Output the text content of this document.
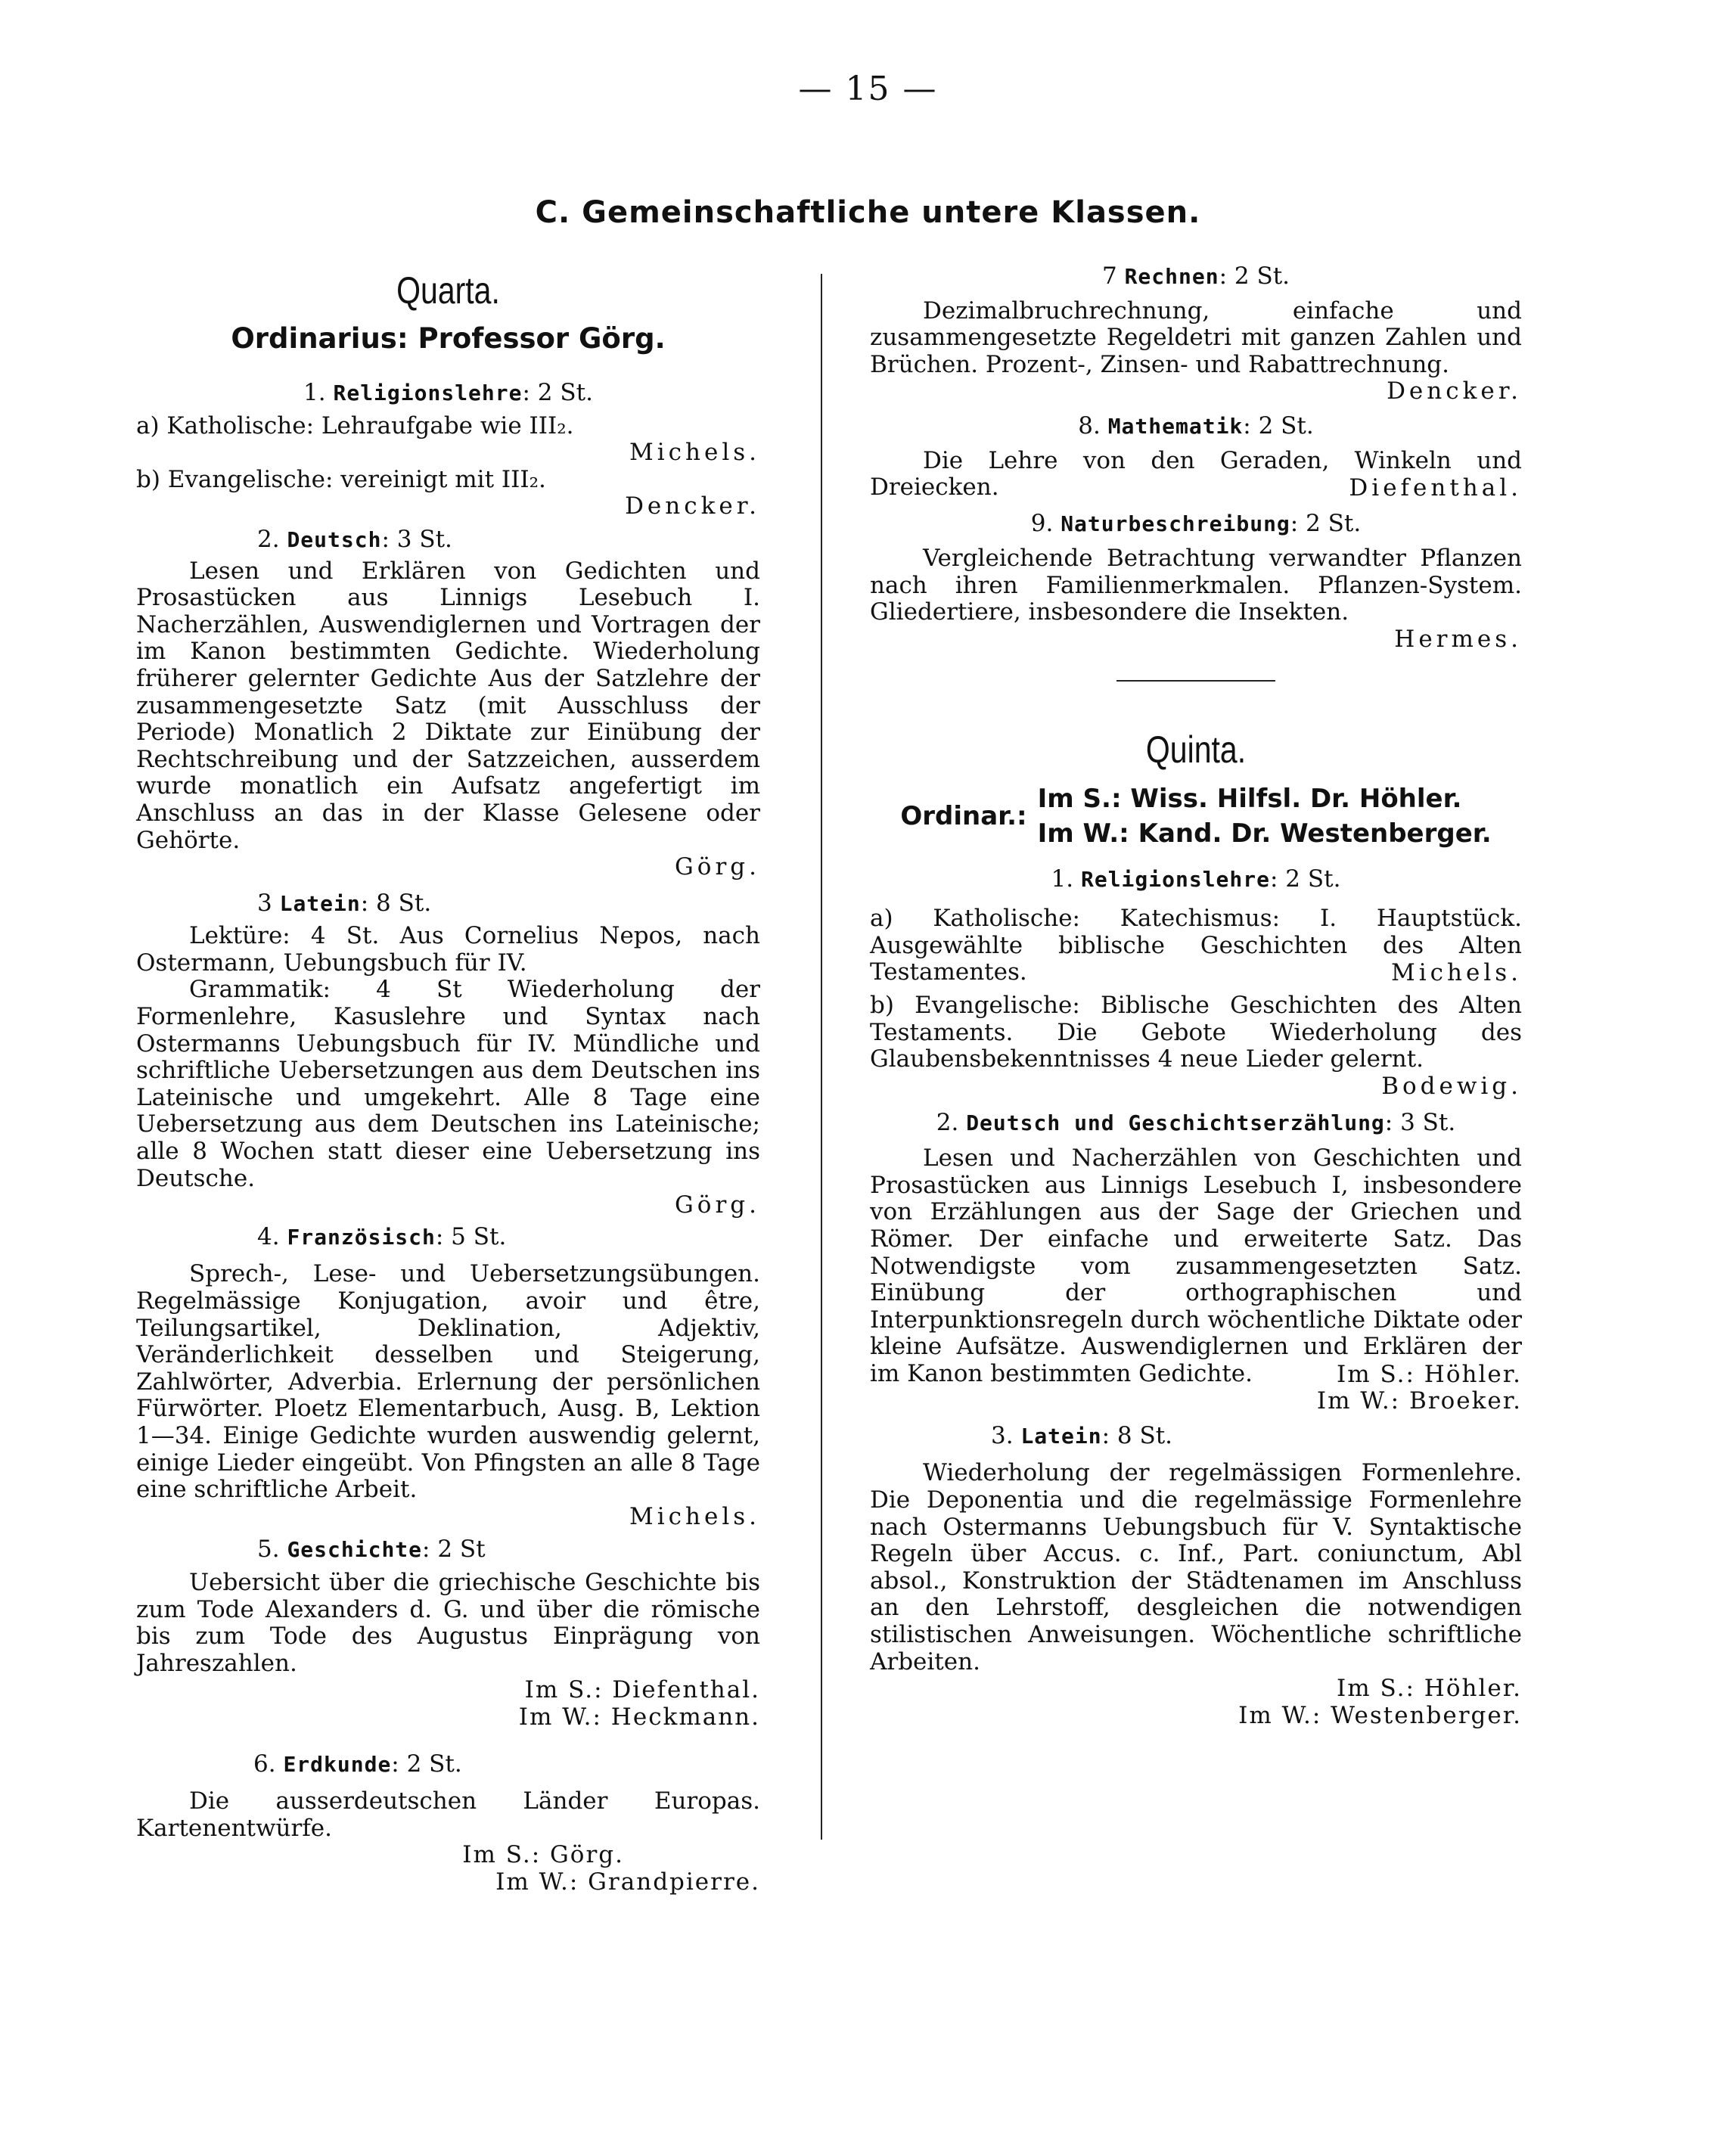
— 15 —
C. Gemeinschaftliche untere Klassen.

Quarta.

Ordinarius: Professor Görg.

1. Religionslehre: 2 St.

a) Katholische: Lehraufgabe wie III₂.

Michels.

b) Evangelische: vereinigt mit III₂.

Dencker.

2. Deutsch: 3 St.

Lesen und Erklären von Gedichten und Prosastücken aus Linnigs Lesebuch I. Nacherzählen, Auswendiglernen und Vortragen der im Kanon bestimmten Gedichte. Wiederholung früherer gelernter Gedichte Aus der Satzlehre der zusammengesetzte Satz (mit Ausschluss der Periode) Monatlich 2 Diktate zur Einübung der Rechtschreibung und der Satzzeichen, ausserdem wurde monatlich ein Aufsatz angefertigt im Anschluss an das in der Klasse Gelesene oder Gehörte.

Görg.

3 Latein: 8 St.

Lektüre: 4 St. Aus Cornelius Nepos, nach Ostermann, Uebungsbuch für IV.

Grammatik: 4 St Wiederholung der Formenlehre, Kasuslehre und Syntax nach Ostermanns Uebungsbuch für IV. Mündliche und schriftliche Uebersetzungen aus dem Deutschen ins Lateinische und umgekehrt. Alle 8 Tage eine Uebersetzung aus dem Deutschen ins Lateinische; alle 8 Wochen statt dieser eine Uebersetzung ins Deutsche.

Görg.

4. Französisch: 5 St.

Sprech-, Lese- und Uebersetzungsübungen. Regelmässige Konjugation, avoir und être, Teilungsartikel, Deklination, Adjektiv, Veränderlichkeit desselben und Steigerung, Zahlwörter, Adverbia. Erlernung der persönlichen Fürwörter. Ploetz Elementarbuch, Ausg. B, Lektion 1—34. Einige Gedichte wurden auswendig gelernt, einige Lieder eingeübt. Von Pfingsten an alle 8 Tage eine schriftliche Arbeit.

Michels.

5. Geschichte: 2 St

Uebersicht über die griechische Geschichte bis zum Tode Alexanders d. G. und über die römische bis zum Tode des Augustus Einprägung von Jahreszahlen.

Im S.: Diefenthal.

Im W.: Heckmann.

6. Erdkunde: 2 St.

Die ausserdeutschen Länder Europas. Kartenentwürfe.

Im S.: Görg.

Im W.: Grandpierre.

7 Rechnen: 2 St.

Dezimalbruchrechnung, einfache und zusammengesetzte Regeldetri mit ganzen Zahlen und Brüchen. Prozent-, Zinsen- und Rabattrechnung.

Dencker.

8. Mathematik: 2 St.

Die Lehre von den Geraden, Winkeln und Dreiecken.	Diefenthal.

9. Naturbeschreibung: 2 St.

Vergleichende Betrachtung verwandter Pflanzen nach ihren Familienmerkmalen. Pflanzen-System. Gliedertiere, insbesondere die Insekten.

Hermes.

Quinta.

Ordinar.:
Im S.: Wiss. Hilfsl. Dr. Höhler.
Im W.: Kand. Dr. Westenberger.

1. Religionslehre: 2 St.

a) Katholische: Katechismus: I. Hauptstück. Ausgewählte biblische Geschichten des Alten Testamentes.	Michels.

b) Evangelische: Biblische Geschichten des Alten Testaments. Die Gebote Wiederholung des Glaubensbekenntnisses 4 neue Lieder gelernt.

Bodewig.

2. Deutsch und Geschichtserzählung: 3 St.

Lesen und Nacherzählen von Geschichten und Prosastücken aus Linnigs Lesebuch I, insbesondere von Erzählungen aus der Sage der Griechen und Römer. Der einfache und erweiterte Satz. Das Notwendigste vom zusammengesetzten Satz. Einübung der orthographischen und Interpunktionsregeln durch wöchentliche Diktate oder kleine Aufsätze. Auswendiglernen und Erklären der im Kanon bestimmten Gedichte.	Im S.: Höhler.

Im W.: Broeker.

3. Latein: 8 St.

Wiederholung der regelmässigen Formenlehre. Die Deponentia und die regelmässige Formenlehre nach Ostermanns Uebungsbuch für V. Syntaktische Regeln über Accus. c. Inf., Part. coniunctum, Abl absol., Konstruktion der Städtenamen im Anschluss an den Lehrstoff, desgleichen die notwendigen stilistischen Anweisungen. Wöchentliche schriftliche Arbeiten.

Im S.: Höhler.

Im W.: Westenberger.
